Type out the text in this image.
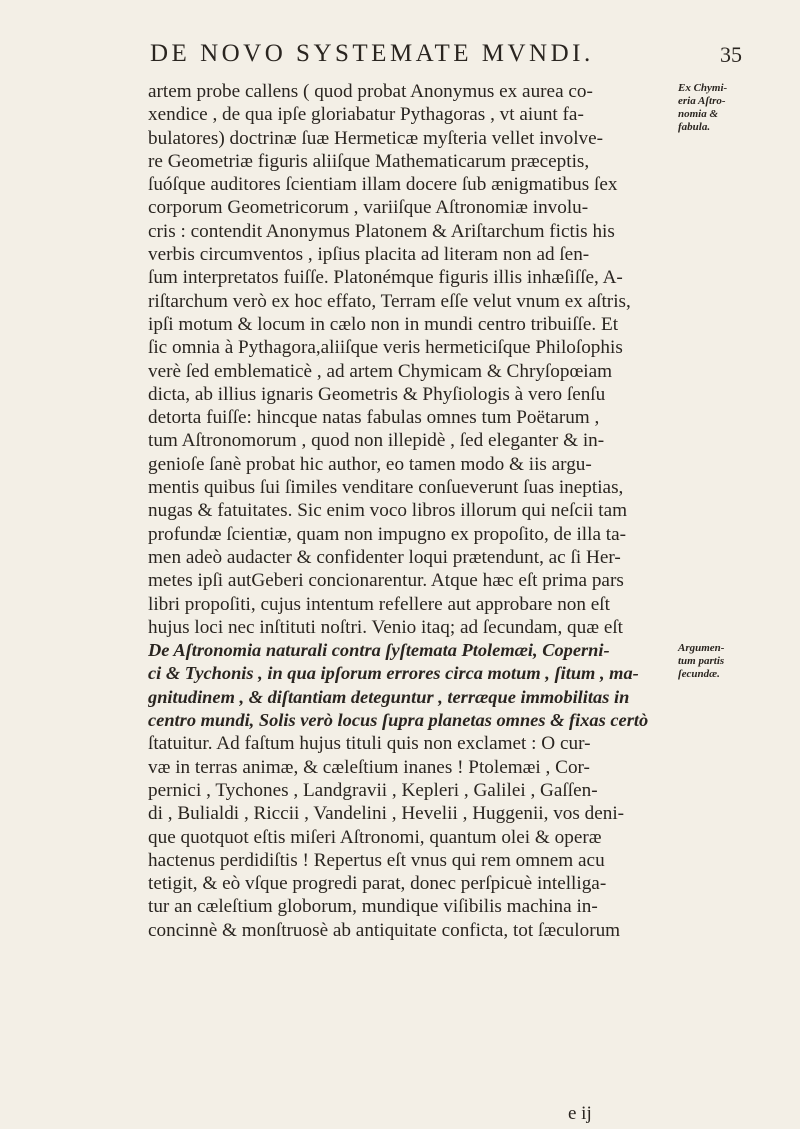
DE NOVO SYSTEMATE MVNDI.	35
artem probe callens ( quod probat Anonymus ex aurea co-
xendice , de qua ipſe gloriabatur Pythagoras , vt aiunt fa-
bulatores) doctrinæ ſuæ Hermeticæ myſteria vellet involve-
re Geometriæ figuris aliiſque Mathematicarum præceptis,
ſuóſque auditores ſcientiam illam docere ſub ænigmatibus ſex
corporum Geometricorum , variiſque Aſtronomiæ involu-
cris : contendit Anonymus Platonem & Ariſtarchum fictis his
verbis circumventos , ipſius placita ad literam non ad ſen-
ſum interpretatos fuiſſe. Platonémque figuris illis inhæſiſſe, A-
riſtarchum verò ex hoc effato, Terram eſſe velut vnum ex aſtris,
ipſi motum & locum in cælo non in mundi centro tribuiſſe. Et
ſic omnia à Pythagora,aliiſque veris hermeticiſque Philoſophis
verè ſed emblematicè , ad artem Chymicam & Chryſopœiam
dicta, ab illius ignaris Geometris & Phyſiologis à vero ſenſu
detorta fuiſſe: hincque natas fabulas omnes tum Poëtarum ,
tum Aſtronomorum , quod non illepidè , ſed eleganter & in-
genioſe ſanè probat hic author, eo tamen modo & iis argu-
mentis quibus ſui ſimiles venditare conſueverunt ſuas ineptias,
nugas & fatuitates. Sic enim voco libros illorum qui neſcii tam
profundæ ſcientiæ, quam non impugno ex propoſito, de illa ta-
men adeò audacter & confidenter loqui prætendunt, ac ſi Her-
metes ipſi autGeberi concionarentur. Atque hæc eſt prima pars
libri propoſiti, cujus intentum refellere aut approbare non eſt
hujus loci nec inſtituti noſtri. Venio itaq; ad ſecundam, quæ eſt
De Aſtronomia naturali contra ſyſtemata Ptolemæi, Coperni-
ci & Tychonis , in qua ipſorum errores circa motum , ſitum , ma-
gnitudinem , & diſtantiam deteguntur , terræque immobilitas in
centro mundi, Solis verò locus ſupra planetas omnes & fixas certò
ſtatuitur. Ad faſtum hujus tituli quis non exclamet : O cur-
væ in terras animæ, & cæleſtium inanes ! Ptolemæi , Cor-
pernici , Tychones , Landgravii , Kepleri , Galilei , Gaſſen-
di , Bulialdi , Riccii , Vandelini , Hevelii , Huggenii, vos deni-
que quotquot eſtis miſeri Aſtronomi, quantum olei & operæ
hactenus perdidiſtis ! Repertus eſt vnus qui rem omnem acu
tetigit, & eò vſque progredi parat, donec perſpicuè intelliga-
tur an cæleſtium globorum, mundique viſibilis machina in-
concinnè & monſtruosè ab antiquitate conficta, tot ſæculorum
Ex Chymi-
eria Aſtro-
nomia &
fabula.
Argumen-
tum partis
ſecundæ.
e ij
